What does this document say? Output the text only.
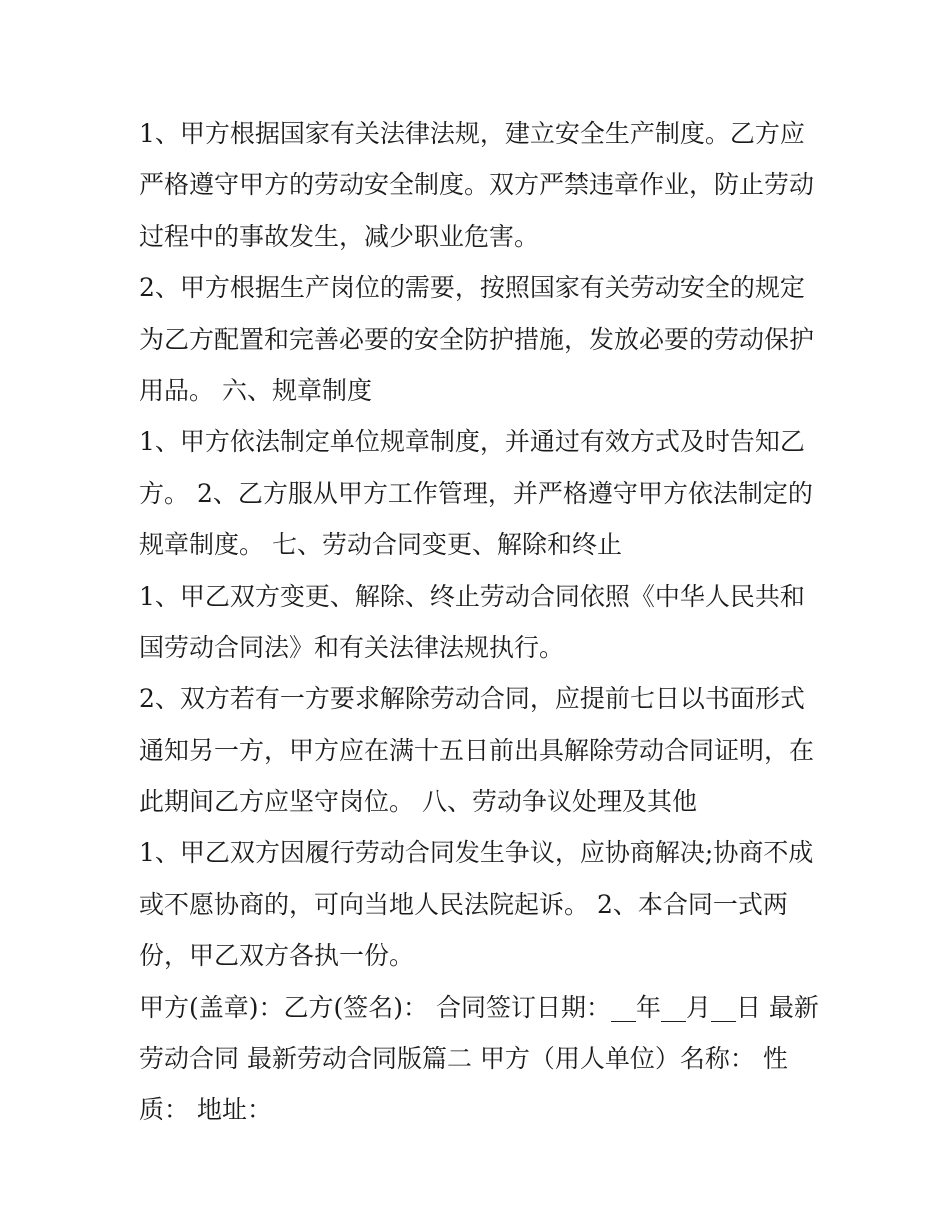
1、甲方根据国家有关法律法规，建立安全生产制度。乙方应
严格遵守甲方的劳动安全制度。双方严禁违章作业，防止劳动
过程中的事故发生，减少职业危害。
2、甲方根据生产岗位的需要，按照国家有关劳动安全的规定
为乙方配置和完善必要的安全防护措施，发放必要的劳动保护
用品。 六、规章制度
1、甲方依法制定单位规章制度，并通过有效方式及时告知乙
方。 2、乙方服从甲方工作管理，并严格遵守甲方依法制定的
规章制度。 七、劳动合同变更、解除和终止
1、甲乙双方变更、解除、终止劳动合同依照《中华人民共和
国劳动合同法》和有关法律法规执行。
2、双方若有一方要求解除劳动合同，应提前七日以书面形式
通知另一方，甲方应在满十五日前出具解除劳动合同证明，在
此期间乙方应坚守岗位。 八、劳动争议处理及其他
1、甲乙双方因履行劳动合同发生争议，应协商解决;协商不成
或不愿协商的，可向当地人民法院起诉。 2、本合同一式两
份，甲乙双方各执一份。
甲方(盖章)：乙方(签名)： 合同签订日期：__年__月__日 最新
劳动合同 最新劳动合同版篇二 甲方（用人单位）名称： 性
质： 地址：
